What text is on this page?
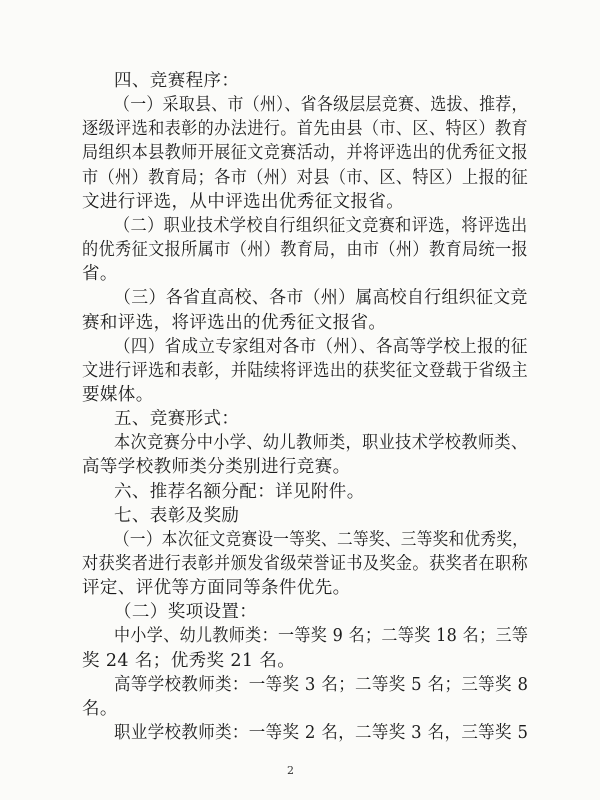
四、竞赛程序：
（一）采取县、市（州）、省各级层层竞赛、选拔、推荐，
逐级评选和表彰的办法进行。首先由县（市、区、特区）教育
局组织本县教师开展征文竞赛活动，并将评选出的优秀征文报
市（州）教育局；各市（州）对县（市、区、特区）上报的征
文进行评选，从中评选出优秀征文报省。
（二）职业技术学校自行组织征文竞赛和评选，将评选出
的优秀征文报所属市（州）教育局，由市（州）教育局统一报
省。
（三）各省直高校、各市（州）属高校自行组织征文竞
赛和评选，将评选出的优秀征文报省。
（四）省成立专家组对各市（州）、各高等学校上报的征
文进行评选和表彰，并陆续将评选出的获奖征文登载于省级主
要媒体。
五、竞赛形式：
本次竞赛分中小学、幼儿教师类，职业技术学校教师类、
高等学校教师类分类别进行竞赛。
六、推荐名额分配：详见附件。
七、表彰及奖励
（一）本次征文竞赛设一等奖、二等奖、三等奖和优秀奖，
对获奖者进行表彰并颁发省级荣誉证书及奖金。获奖者在职称
评定、评优等方面同等条件优先。
（二）奖项设置：
中小学、幼儿教师类：一等奖 9 名；二等奖 18 名；三等
奖 24 名；优秀奖 21 名。
高等学校教师类：一等奖 3 名；二等奖 5 名；三等奖 8
名。
职业学校教师类：一等奖 2 名，二等奖 3 名，三等奖 5
2
